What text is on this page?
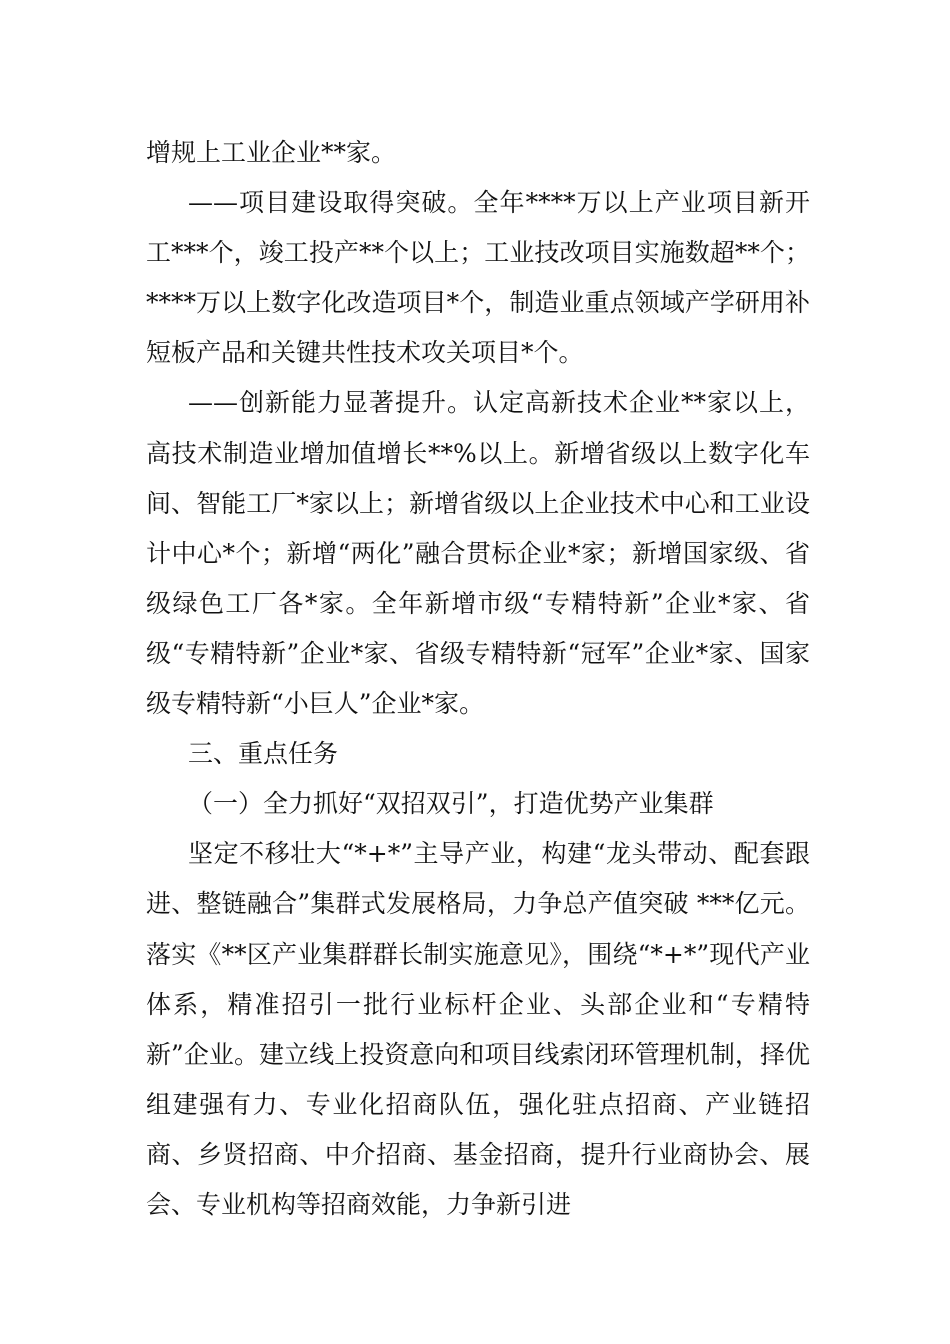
增规上工业企业**家。

——项目建设取得突破。全年****万以上产业项目新开工***个，竣工投产**个以上；工业技改项目实施数超**个；****万以上数字化改造项目*个，制造业重点领域产学研用补短板产品和关键共性技术攻关项目*个。

——创新能力显著提升。认定高新技术企业**家以上，高技术制造业增加值增长**%以上。新增省级以上数字化车间、智能工厂*家以上；新增省级以上企业技术中心和工业设计中心*个；新增“两化”融合贯标企业*家；新增国家级、省级绿色工厂各*家。全年新增市级“专精特新”企业*家、省级“专精特新”企业*家、省级专精特新“冠军”企业*家、国家级专精特新“小巨人”企业*家。

三、重点任务

（一）全力抓好“双招双引”，打造优势产业集群

坚定不移壮大“*+*”主导产业，构建“龙头带动、配套跟进、整链融合”集群式发展格局，力争总产值突破 ***亿元。落实《**区产业集群群长制实施意见》，围绕“*+*”现代产业体系，精准招引一批行业标杆企业、头部企业和“专精特新”企业。建立线上投资意向和项目线索闭环管理机制，择优组建强有力、专业化招商队伍，强化驻点招商、产业链招商、乡贤招商、中介招商、基金招商，提升行业商协会、展会、专业机构等招商效能，力争新引进
